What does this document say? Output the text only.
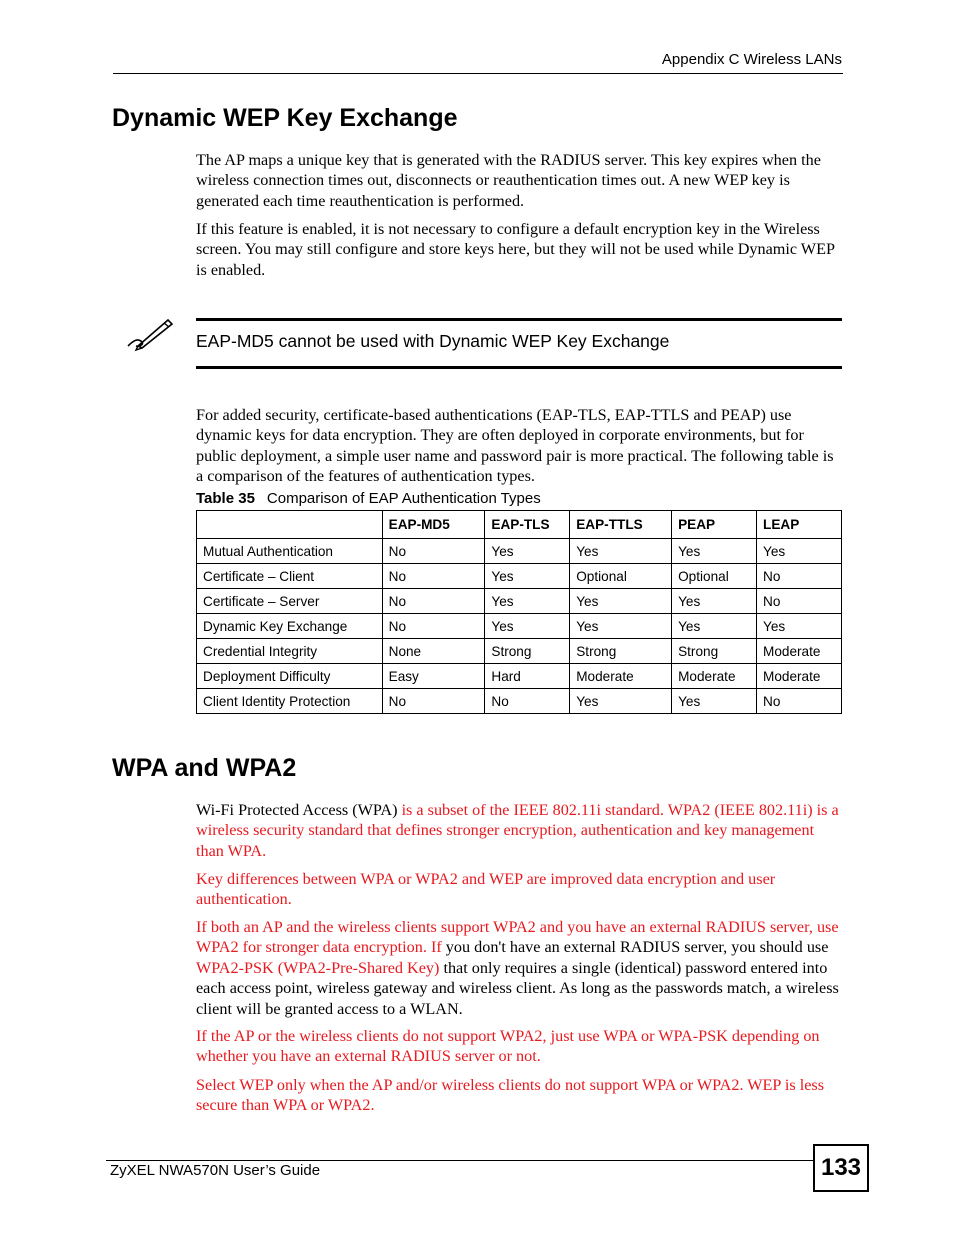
Appendix C Wireless LANs
Dynamic WEP Key Exchange

The AP maps a unique key that is generated with the RADIUS server. This key expires when the wireless connection times out, disconnects or reauthentication times out. A new WEP key is generated each time reauthentication is performed.

If this feature is enabled, it is not necessary to configure a default encryption key in the Wireless screen. You may still configure and store keys here, but they will not be used while Dynamic WEP is enabled.

EAP-MD5 cannot be used with Dynamic WEP Key Exchange

For added security, certificate-based authentications (EAP-TLS, EAP-TTLS and PEAP) use dynamic keys for data encryption. They are often deployed in corporate environments, but for public deployment, a simple user name and password pair is more practical. The following table is a comparison of the features of authentication types.

Table 35 Comparison of EAP Authentication Types
	EAP-MD5	EAP-TLS	EAP-TTLS	PEAP	LEAP
Mutual Authentication	No	Yes	Yes	Yes	Yes
Certificate – Client	No	Yes	Optional	Optional	No
Certificate – Server	No	Yes	Yes	Yes	No
Dynamic Key Exchange	No	Yes	Yes	Yes	Yes
Credential Integrity	None	Strong	Strong	Strong	Moderate
Deployment Difficulty	Easy	Hard	Moderate	Moderate	Moderate
Client Identity Protection	No	No	Yes	Yes	No
WPA and WPA2

Wi-Fi Protected Access (WPA) is a subset of the IEEE 802.11i standard. WPA2 (IEEE 802.11i) is a wireless security standard that defines stronger encryption, authentication and key management than WPA.

Key differences between WPA or WPA2 and WEP are improved data encryption and user authentication.

If both an AP and the wireless clients support WPA2 and you have an external RADIUS server, use WPA2 for stronger data encryption. If you don't have an external RADIUS server, you should use WPA2-PSK (WPA2-Pre-Shared Key) that only requires a single (identical) password entered into each access point, wireless gateway and wireless client. As long as the passwords match, a wireless client will be granted access to a WLAN.

If the AP or the wireless clients do not support WPA2, just use WPA or WPA-PSK depending on whether you have an external RADIUS server or not.

Select WEP only when the AP and/or wireless clients do not support WPA or WPA2. WEP is less secure than WPA or WPA2.

ZyXEL NWA570N User’s Guide	133
